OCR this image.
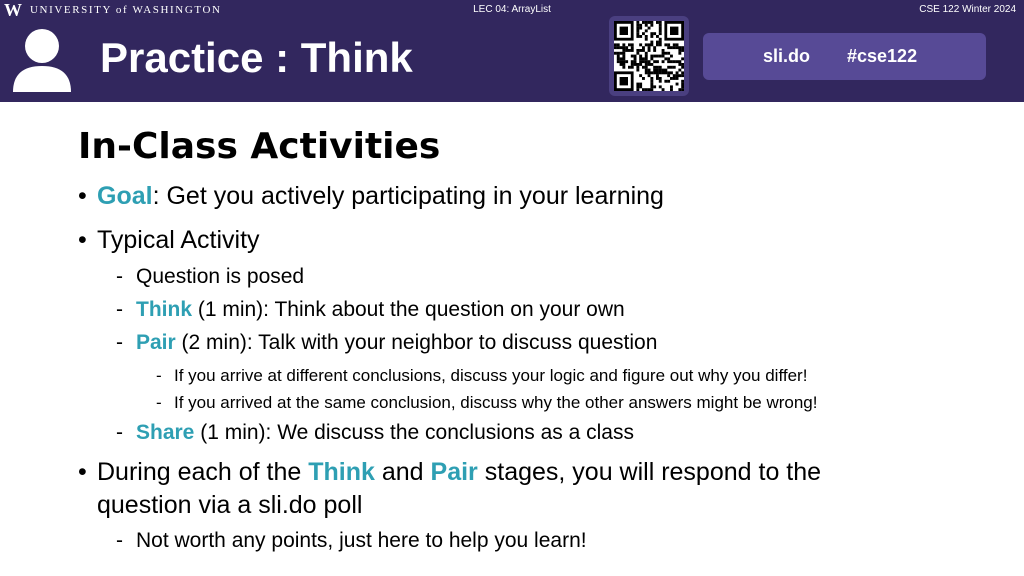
W UNIVERSITY of WASHINGTON	LEC 04: ArrayList	CSE 122 Winter 2024
Practice : Think	sli.do #cse122
In-Class Activities
• Goal: Get you actively participating in your learning
• Typical Activity
- Question is posed
- Think (1 min): Think about the question on your own
- Pair (2 min): Talk with your neighbor to discuss question
- If you arrive at different conclusions, discuss your logic and figure out why you differ!
- If you arrived at the same conclusion, discuss why the other answers might be wrong!
- Share (1 min): We discuss the conclusions as a class
• During each of the Think and Pair stages, you will respond to the
question via a sli.do poll
- Not worth any points, just here to help you learn!
